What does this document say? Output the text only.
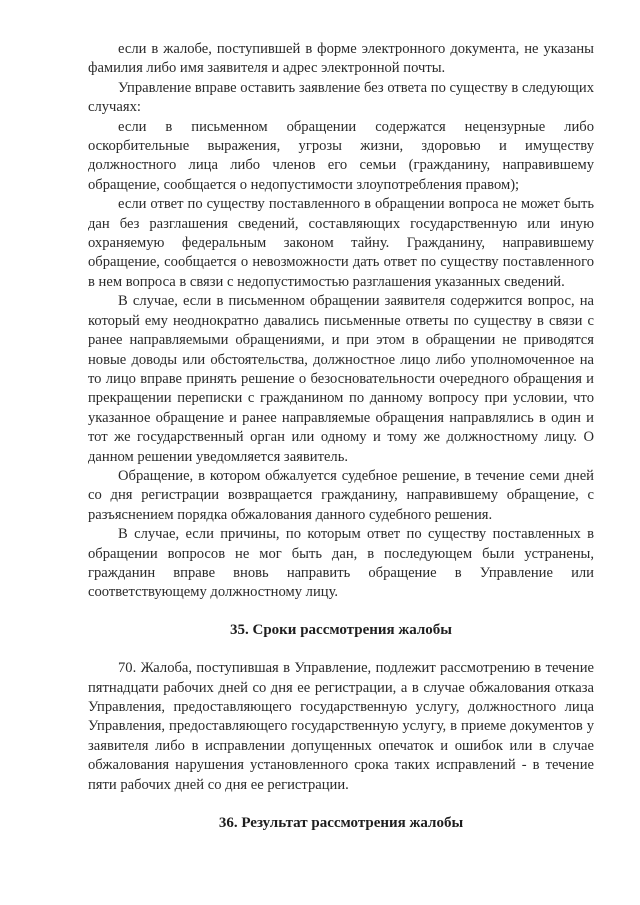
если в жалобе, поступившей в форме электронного документа, не указаны фамилия либо имя заявителя и адрес электронной почты.

Управление вправе оставить заявление без ответа по существу в следующих случаях:

если в письменном обращении содержатся нецензурные либо оскорбительные выражения, угрозы жизни, здоровью и имуществу должностного лица либо членов его семьи (гражданину, направившему обращение, сообщается о недопустимости злоупотребления правом);

если ответ по существу поставленного в обращении вопроса не может быть дан без разглашения сведений, составляющих государственную или иную охраняемую федеральным законом тайну. Гражданину, направившему обращение, сообщается о невозможности дать ответ по существу поставленного в нем вопроса в связи с недопустимостью разглашения указанных сведений.

В случае, если в письменном обращении заявителя содержится вопрос, на который ему неоднократно давались письменные ответы по существу в связи с ранее направляемыми обращениями, и при этом в обращении не приводятся новые доводы или обстоятельства, должностное лицо либо уполномоченное на то лицо вправе принять решение о безосновательности очередного обращения и прекращении переписки с гражданином по данному вопросу при условии, что указанное обращение и ранее направляемые обращения направлялись в один и тот же государственный орган или одному и тому же должностному лицу. О данном решении уведомляется заявитель.

Обращение, в котором обжалуется судебное решение, в течение семи дней со дня регистрации возвращается гражданину, направившему обращение, с разъяснением порядка обжалования данного судебного решения.

В случае, если причины, по которым ответ по существу поставленных в обращении вопросов не мог быть дан, в последующем были устранены, гражданин вправе вновь направить обращение в Управление или соответствующему должностному лицу.

35. Сроки рассмотрения жалобы

70. Жалоба, поступившая в Управление, подлежит рассмотрению в течение пятнадцати рабочих дней со дня ее регистрации, а в случае обжалования отказа Управления, предоставляющего государственную услугу, должностного лица Управления, предоставляющего государственную услугу, в приеме документов у заявителя либо в исправлении допущенных опечаток и ошибок или в случае обжалования нарушения установленного срока таких исправлений - в течение пяти рабочих дней со дня ее регистрации.

36. Результат рассмотрения жалобы
